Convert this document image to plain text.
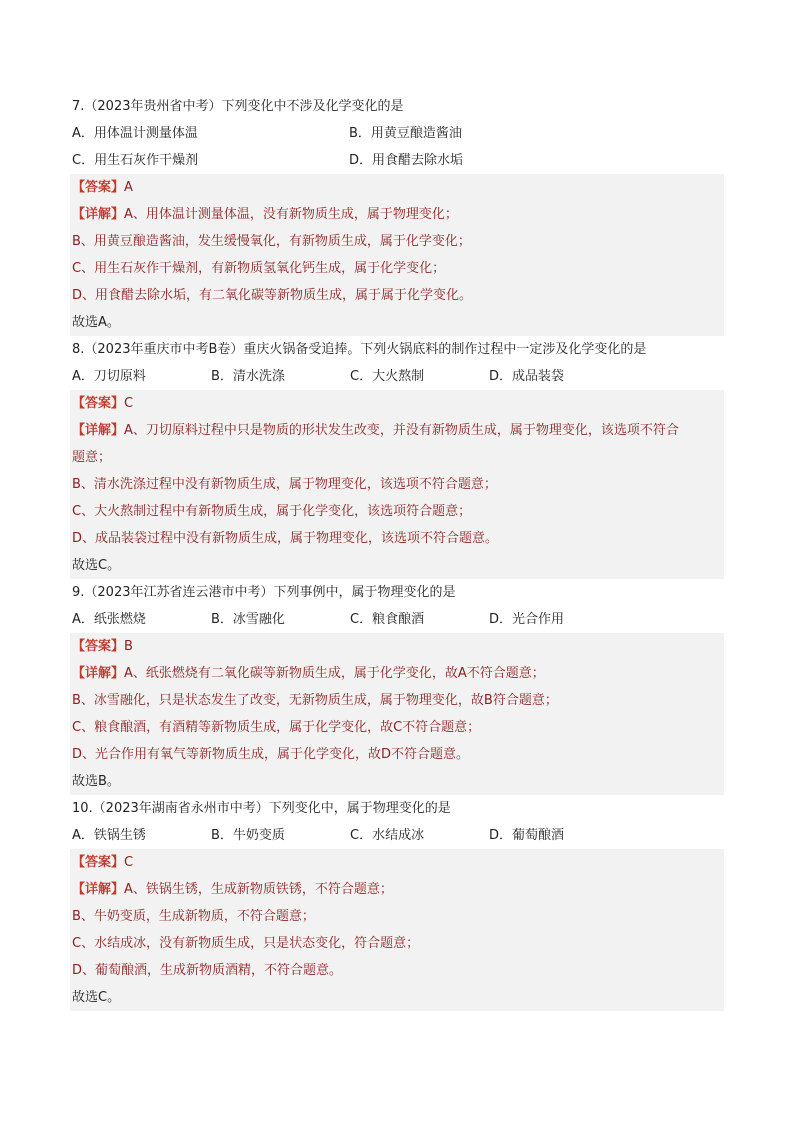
7.（2023年贵州省中考）下列变化中不涉及化学变化的是
A．用体温计测量体温	B．用黄豆酿造酱油
C．用生石灰作干燥剂	D．用食醋去除水垢
【答案】A
【详解】A、用体温计测量体温，没有新物质生成，属于物理变化；
B、用黄豆酿造酱油，发生缓慢氧化，有新物质生成，属于化学变化；
C、用生石灰作干燥剂，有新物质氢氧化钙生成，属于化学变化；
D、用食醋去除水垢，有二氧化碳等新物质生成，属于属于化学变化。
故选A。
8.（2023年重庆市中考B卷）重庆火锅备受追捧。下列火锅底料的制作过程中一定涉及化学变化的是
A．刀切原料	B．清水洗涤	C．大火熬制	D．成品装袋
【答案】C
【详解】A、刀切原料过程中只是物质的形状发生改变，并没有新物质生成，属于物理变化，该选项不符合
题意；
B、清水洗涤过程中没有新物质生成，属于物理变化，该选项不符合题意；
C、大火熬制过程中有新物质生成，属于化学变化，该选项符合题意；
D、成品装袋过程中没有新物质生成，属于物理变化，该选项不符合题意。
故选C。
9.（2023年江苏省连云港市中考）下列事例中，属于物理变化的是
A．纸张燃烧	B．冰雪融化	C．粮食酿酒	D．光合作用
【答案】B
【详解】A、纸张燃烧有二氧化碳等新物质生成，属于化学变化，故A不符合题意；
B、冰雪融化，只是状态发生了改变，无新物质生成，属于物理变化，故B符合题意；
C、粮食酿酒，有酒精等新物质生成，属于化学变化，故C不符合题意；
D、光合作用有氧气等新物质生成，属于化学变化，故D不符合题意。
故选B。
10.（2023年湖南省永州市中考）下列变化中，属于物理变化的是
A．铁锅生锈	B．牛奶变质	C．水结成冰	D．葡萄酿酒
【答案】C
【详解】A、铁锅生锈，生成新物质铁锈，不符合题意；
B、牛奶变质，生成新物质，不符合题意；
C、水结成冰，没有新物质生成，只是状态变化，符合题意；
D、葡萄酿酒，生成新物质酒精，不符合题意。
故选C。
